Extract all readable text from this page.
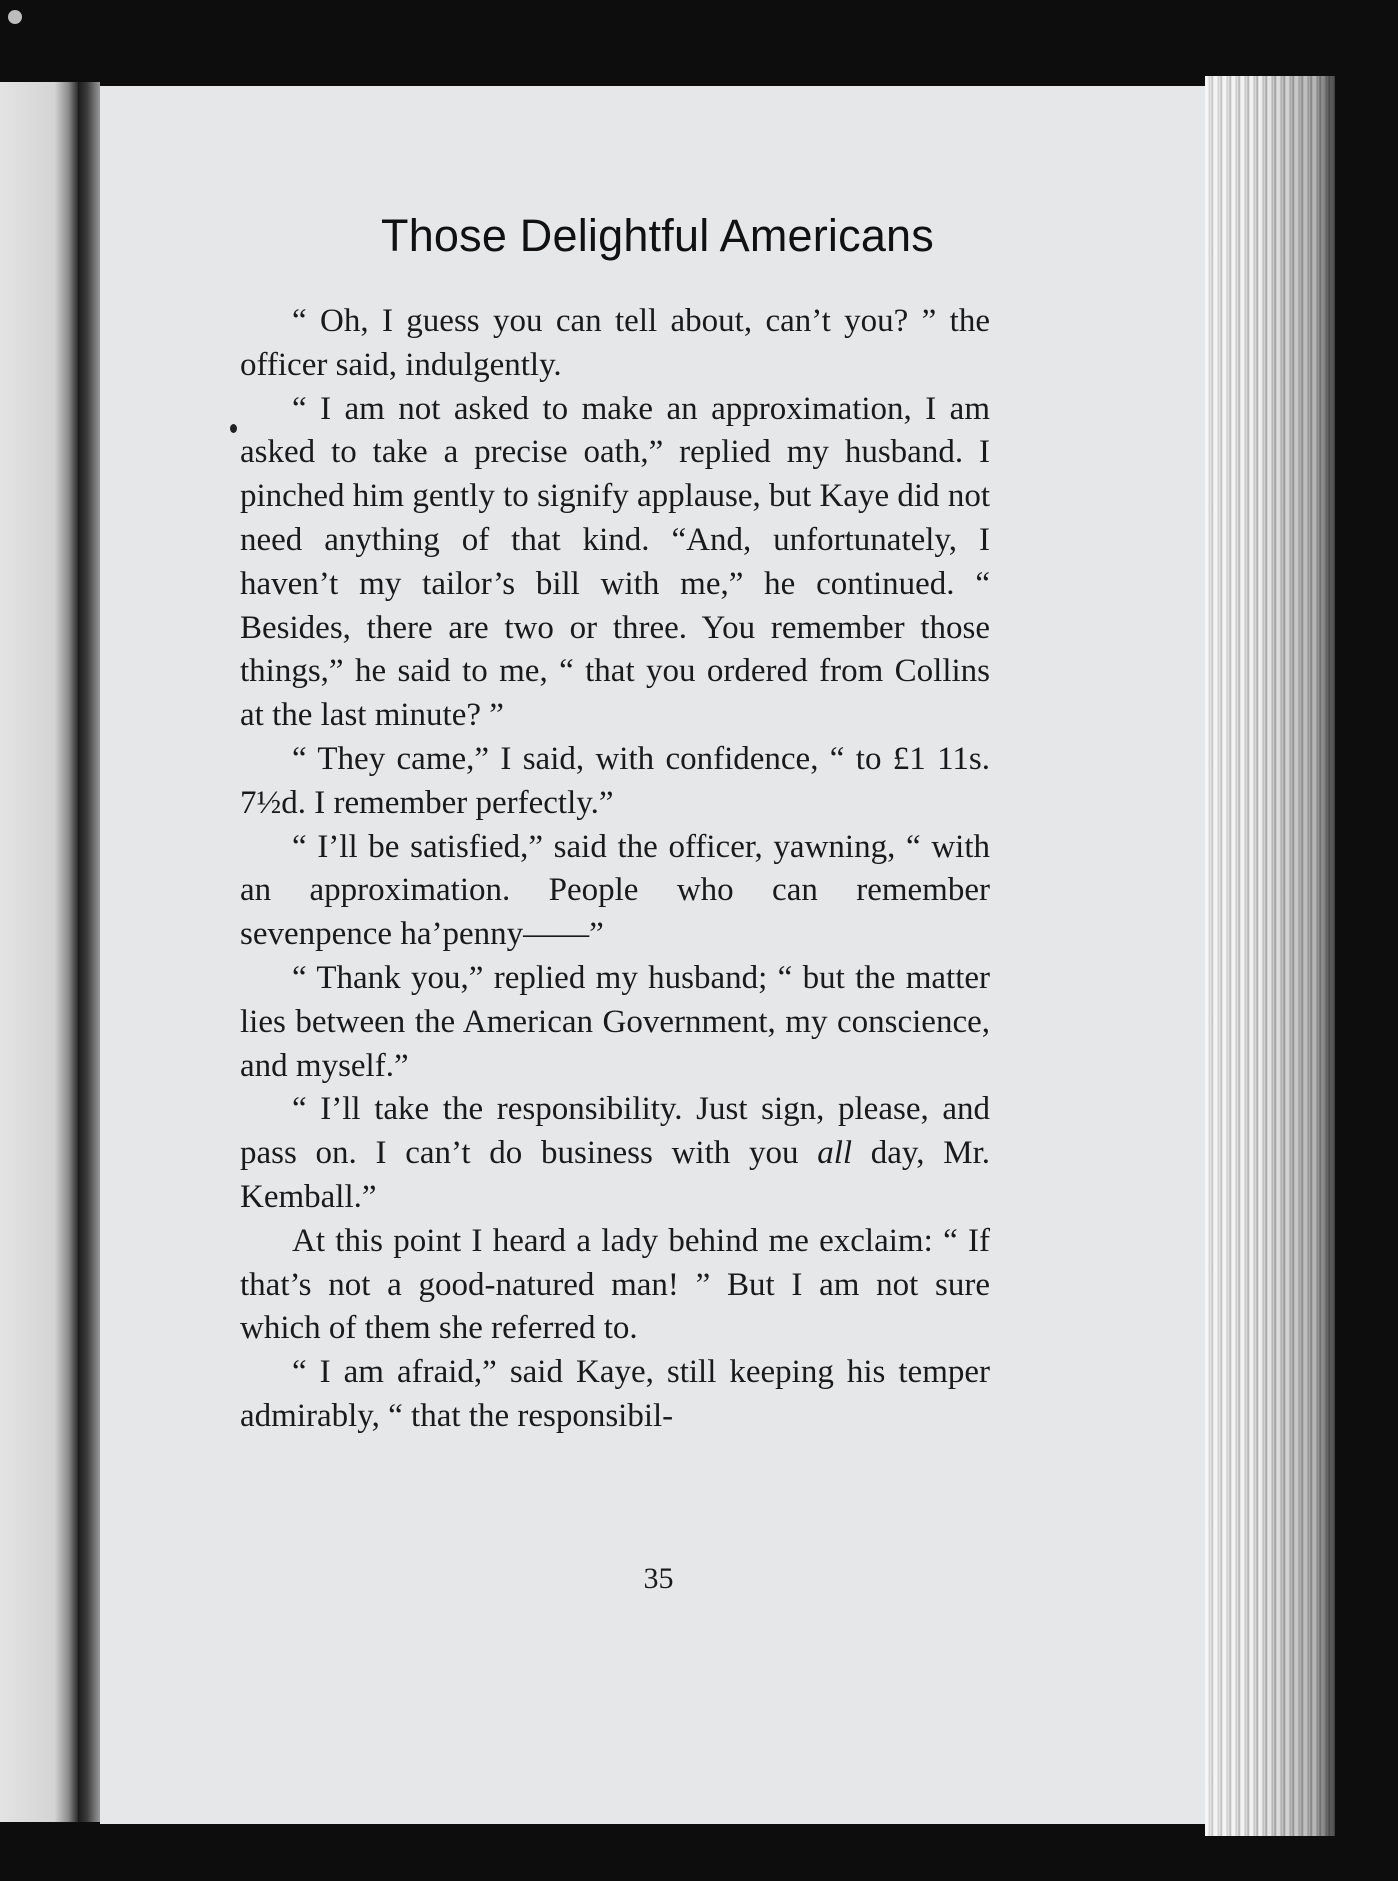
Those Delightful Americans

“ Oh, I guess you can tell about, can’t you? ” the officer said, indulgently.

“ I am not asked to make an approximation, I am asked to take a precise oath,” replied my husband. I pinched him gently to signify applause, but Kaye did not need anything of that kind. “And, unfortunately, I haven’t my tailor’s bill with me,” he continued. “ Besides, there are two or three. You remember those things,” he said to me, “ that you ordered from Collins at the last minute? ”

“ They came,” I said, with confidence, “ to £1 11s. 7½d. I remember perfectly.”

“ I’ll be satisfied,” said the officer, yawning, “ with an approximation. People who can remember sevenpence ha’penny——”

“ Thank you,” replied my husband; “ but the matter lies between the American Government, my conscience, and myself.”

“ I’ll take the responsibility. Just sign, please, and pass on. I can’t do business with you all day, Mr. Kemball.”

At this point I heard a lady behind me exclaim: “ If that’s not a good-natured man! ” But I am not sure which of them she referred to.

“ I am afraid,” said Kaye, still keeping his temper admirably, “ that the responsibil-

35
